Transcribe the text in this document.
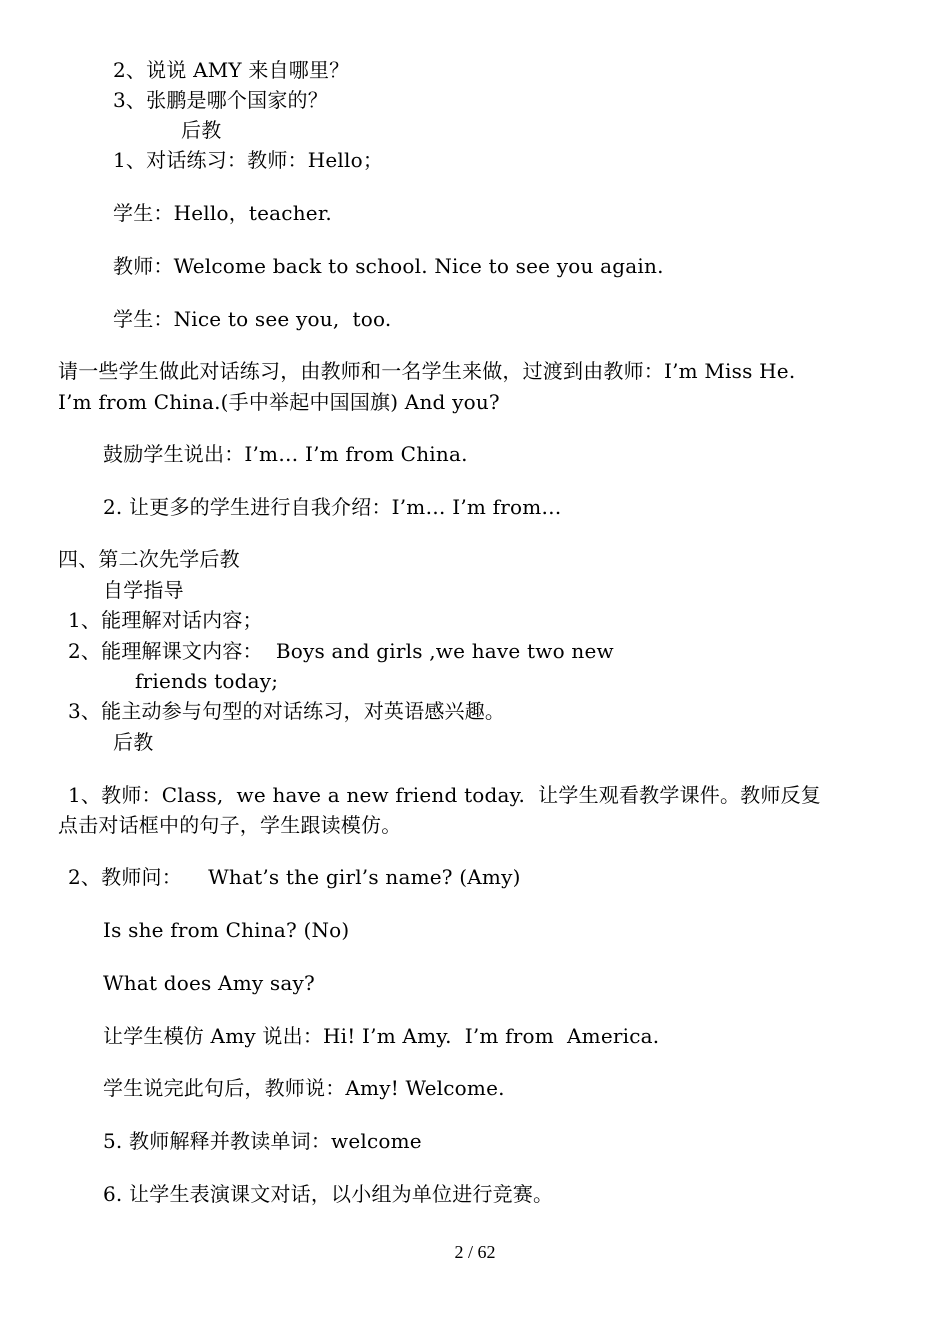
2、说说 AMY 来自哪里？
3、张鹏是哪个国家的？
后教
1、对话练习：教师：Hello；
学生：Hello，teacher.
教师：Welcome back to school. Nice to see you again.
学生：Nice to see you,  too.
请一些学生做此对话练习，由教师和一名学生来做，过渡到由教师：I’m Miss He.
I’m from China.(手中举起中国国旗) And you?
鼓励学生说出：I’m… I’m from China.
2. 让更多的学生进行自我介绍：I’m… I’m from…
四、第二次先学后教
自学指导
1、能理解对话内容；
2、能理解课文内容：  Boys and girls ,we have two new
friends today;
3、能主动参与句型的对话练习，对英语感兴趣。
后教
1、教师：Class,  we have a new friend today.  让学生观看教学课件。教师反复
点击对话框中的句子，学生跟读模仿。
2、教师问：    What’s the girl’s name? (Amy)
Is she from China? (No)
What does Amy say?
让学生模仿 Amy 说出：Hi! I’m Amy.  I’m from  America.
学生说完此句后，教师说：Amy! Welcome.
5. 教师解释并教读单词：welcome
6. 让学生表演课文对话，以小组为单位进行竞赛。
2 / 62
